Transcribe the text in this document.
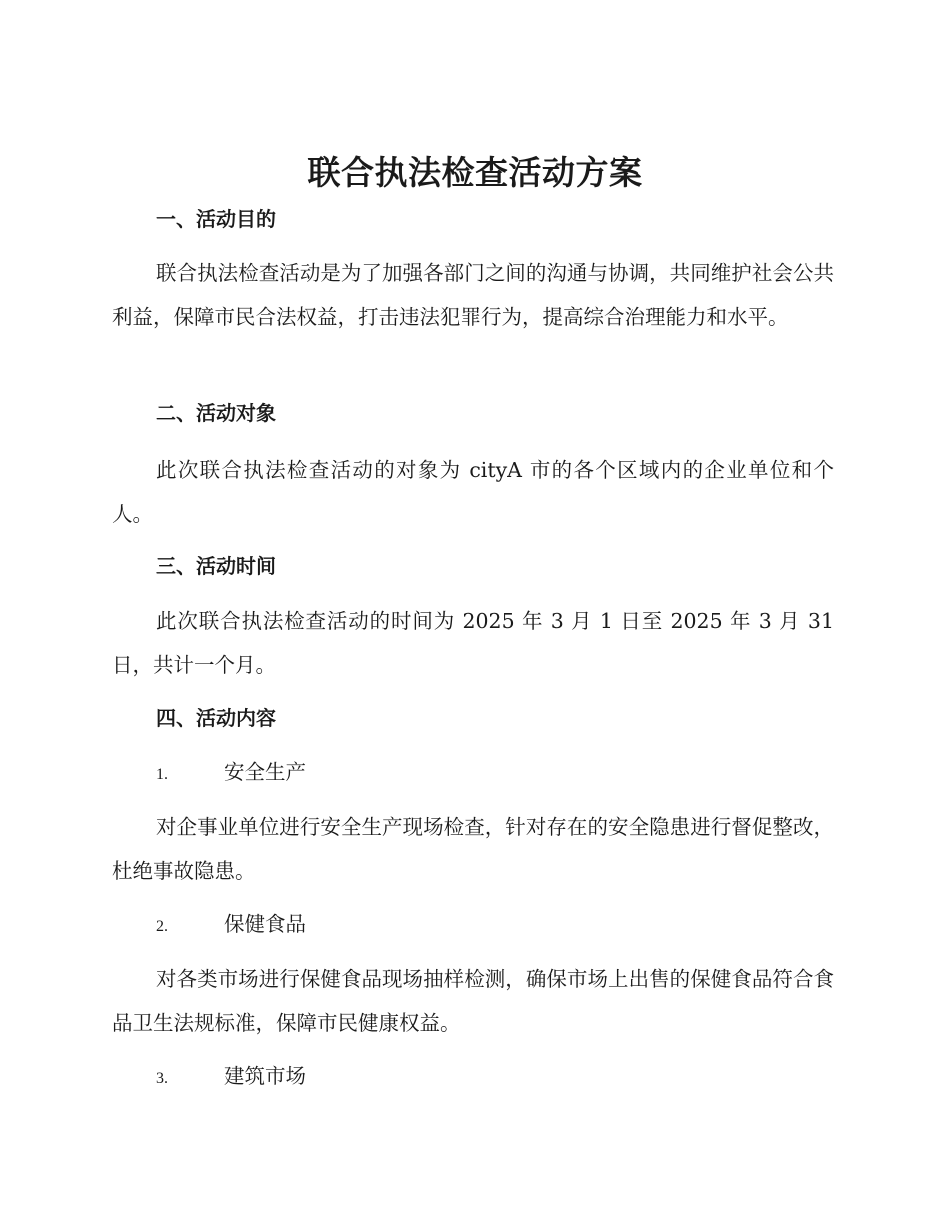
联合执法检查活动方案
一、活动目的

联合执法检查活动是为了加强各部门之间的沟通与协调，共同维护社会公共利益，保障市民合法权益，打击违法犯罪行为，提高综合治理能力和水平。

二、活动对象

此次联合执法检查活动的对象为 cityA 市的各个区域内的企业单位和个人。

三、活动时间

此次联合执法检查活动的时间为 2025 年 3 月 1 日至 2025 年 3 月 31 日，共计一个月。

四、活动内容
1.	安全生产

对企事业单位进行安全生产现场检查，针对存在的安全隐患进行督促整改，杜绝事故隐患。

2.	保健食品

对各类市场进行保健食品现场抽样检测，确保市场上出售的保健食品符合食品卫生法规标准，保障市民健康权益。

3.	建筑市场
